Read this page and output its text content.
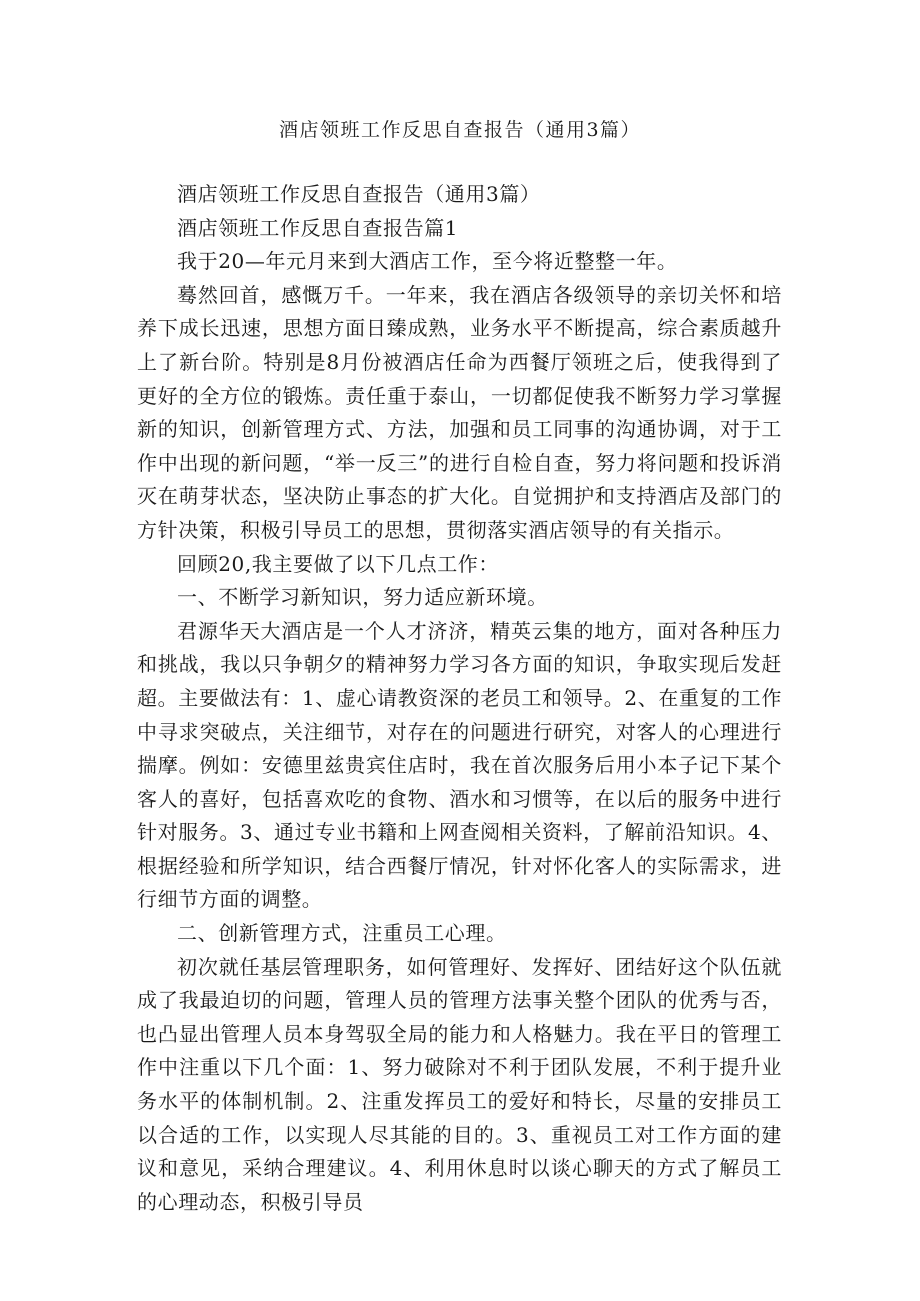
酒店领班工作反思自查报告（通用3篇）

酒店领班工作反思自查报告（通用3篇）

酒店领班工作反思自查报告篇1

我于20—年元月来到大酒店工作，至今将近整整一年。

蓦然回首，感慨万千。一年来，我在酒店各级领导的亲切关怀和培养下成长迅速，思想方面日臻成熟，业务水平不断提高，综合素质越升上了新台阶。特别是8月份被酒店任命为西餐厅领班之后，使我得到了更好的全方位的锻炼。责任重于泰山，一切都促使我不断努力学习掌握新的知识，创新管理方式、方法，加强和员工同事的沟通协调，对于工作中出现的新问题，“举一反三”的进行自检自查，努力将问题和投诉消灭在萌芽状态，坚决防止事态的扩大化。自觉拥护和支持酒店及部门的方针决策，积极引导员工的思想，贯彻落实酒店领导的有关指示。

回顾20,我主要做了以下几点工作：

一、不断学习新知识，努力适应新环境。

君源华天大酒店是一个人才济济，精英云集的地方，面对各种压力和挑战，我以只争朝夕的精神努力学习各方面的知识，争取实现后发赶超。主要做法有：1、虚心请教资深的老员工和领导。2、在重复的工作中寻求突破点，关注细节，对存在的问题进行研究，对客人的心理进行揣摩。例如：安德里兹贵宾住店时，我在首次服务后用小本子记下某个客人的喜好，包括喜欢吃的食物、酒水和习惯等，在以后的服务中进行针对服务。3、通过专业书籍和上网查阅相关资料，了解前沿知识。4、根据经验和所学知识，结合西餐厅情况，针对怀化客人的实际需求，进行细节方面的调整。

二、创新管理方式，注重员工心理。

初次就任基层管理职务，如何管理好、发挥好、团结好这个队伍就成了我最迫切的问题，管理人员的管理方法事关整个团队的优秀与否，也凸显出管理人员本身驾驭全局的能力和人格魅力。我在平日的管理工作中注重以下几个面：1、努力破除对不利于团队发展，不利于提升业务水平的体制机制。2、注重发挥员工的爱好和特长，尽量的安排员工以合适的工作，以实现人尽其能的目的。3、重视员工对工作方面的建议和意见，采纳合理建议。4、利用休息时以谈心聊天的方式了解员工的心理动态，积极引导员
